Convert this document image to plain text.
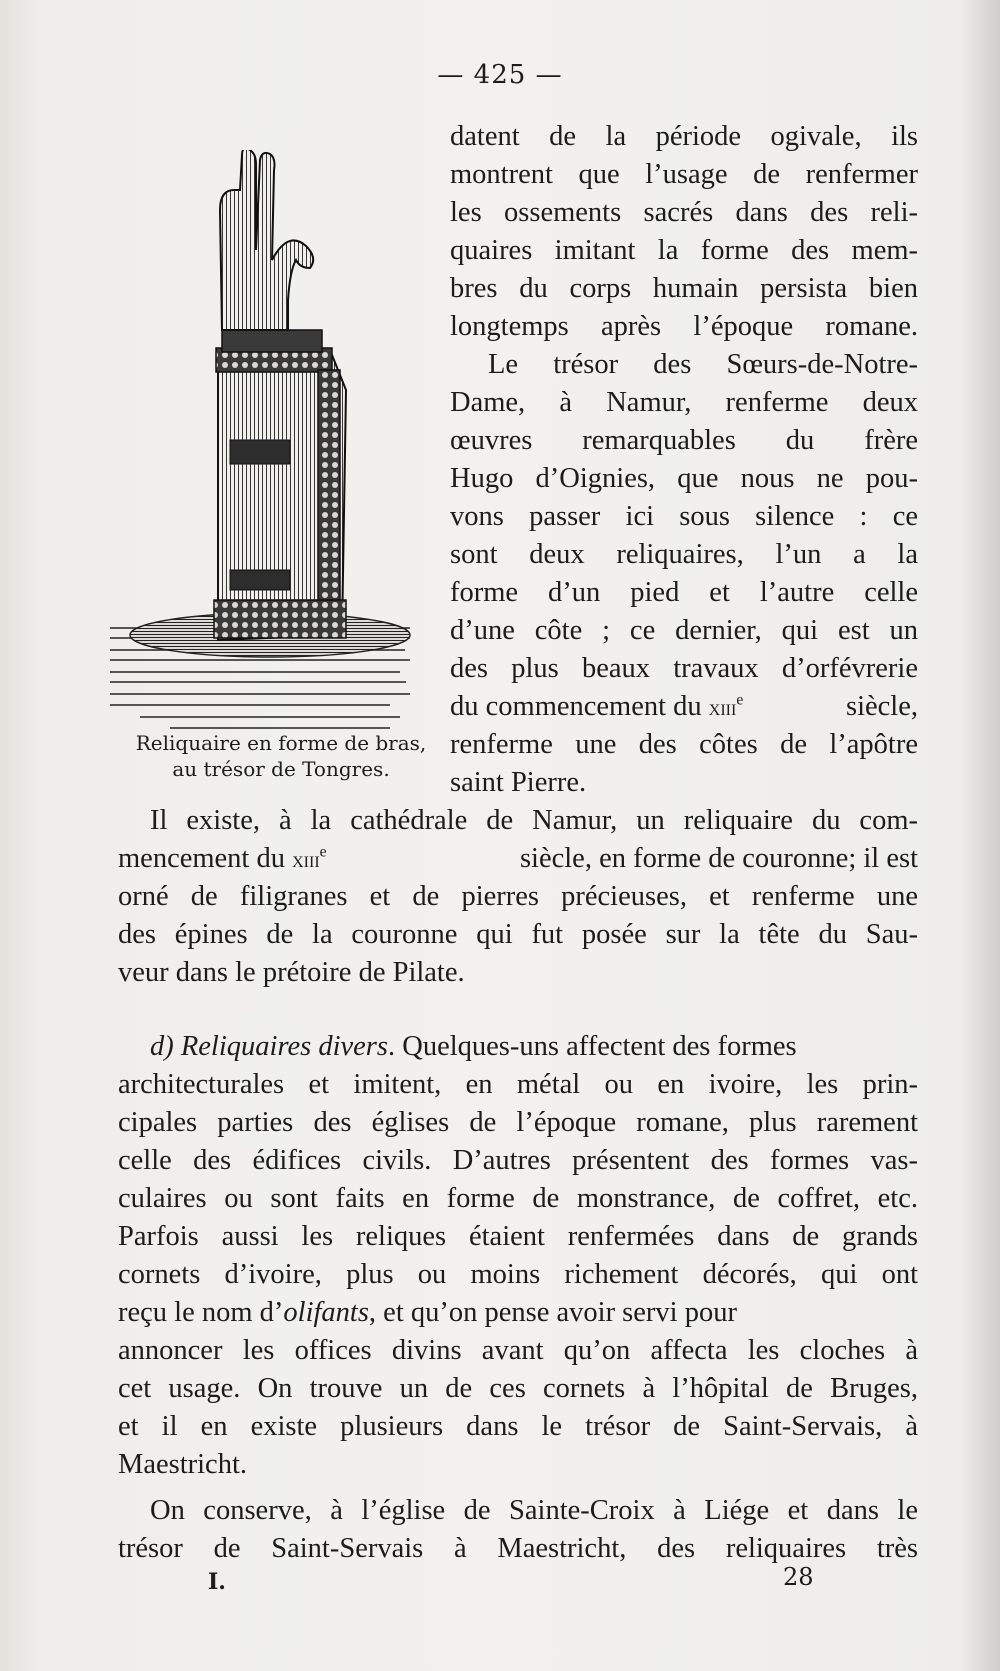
— 425 —
Reliquaire en forme de bras,
au trésor de Tongres.
datent de la période ogivale, ils
montrent que l’usage de renfermer
les ossements sacrés dans des reli-
quaires imitant la forme des mem-
bres du corps humain persista bien
longtemps après l’époque romane.
Le trésor des Sœurs-de-Notre-
Dame, à Namur, renferme deux
œuvres remarquables du frère
Hugo d’Oignies, que nous ne pou-
vons passer ici sous silence : ce
sont deux reliquaires, l’un a la
forme d’un pied et l’autre celle
d’une côte ; ce dernier, qui est un
des plus beaux travaux d’orfévrerie
du commencement du xiii$^e$	siècle,
renferme une des côtes de l’apôtre
saint Pierre.
Il existe, à la cathédrale de Namur, un reliquaire du com-
mencement du xiii$^e$	siècle, en forme de couronne; il est
orné de filigranes et de pierres précieuses, et renferme une
des épines de la couronne qui fut posée sur la tête du Sau-
veur dans le prétoire de Pilate.
d) Reliquaires divers. Quelques-uns affectent des formes
architecturales et imitent, en métal ou en ivoire, les prin-
cipales parties des églises de l’époque romane, plus rarement
celle des édifices civils. D’autres présentent des formes vas-
culaires ou sont faits en forme de monstrance, de coffret, etc.
Parfois aussi les reliques étaient renfermées dans de grands
cornets d’ivoire, plus ou moins richement décorés, qui ont
reçu le nom d’olifants, et qu’on pense avoir servi pour
annoncer les offices divins avant qu’on affecta les cloches à
cet usage. On trouve un de ces cornets à l’hôpital de Bruges,
et il en existe plusieurs dans le trésor de Saint-Servais, à
Maestricht.
On conserve, à l’église de Sainte-Croix à Liége et dans le
trésor de Saint-Servais à Maestricht, des reliquaires très
I.	28
